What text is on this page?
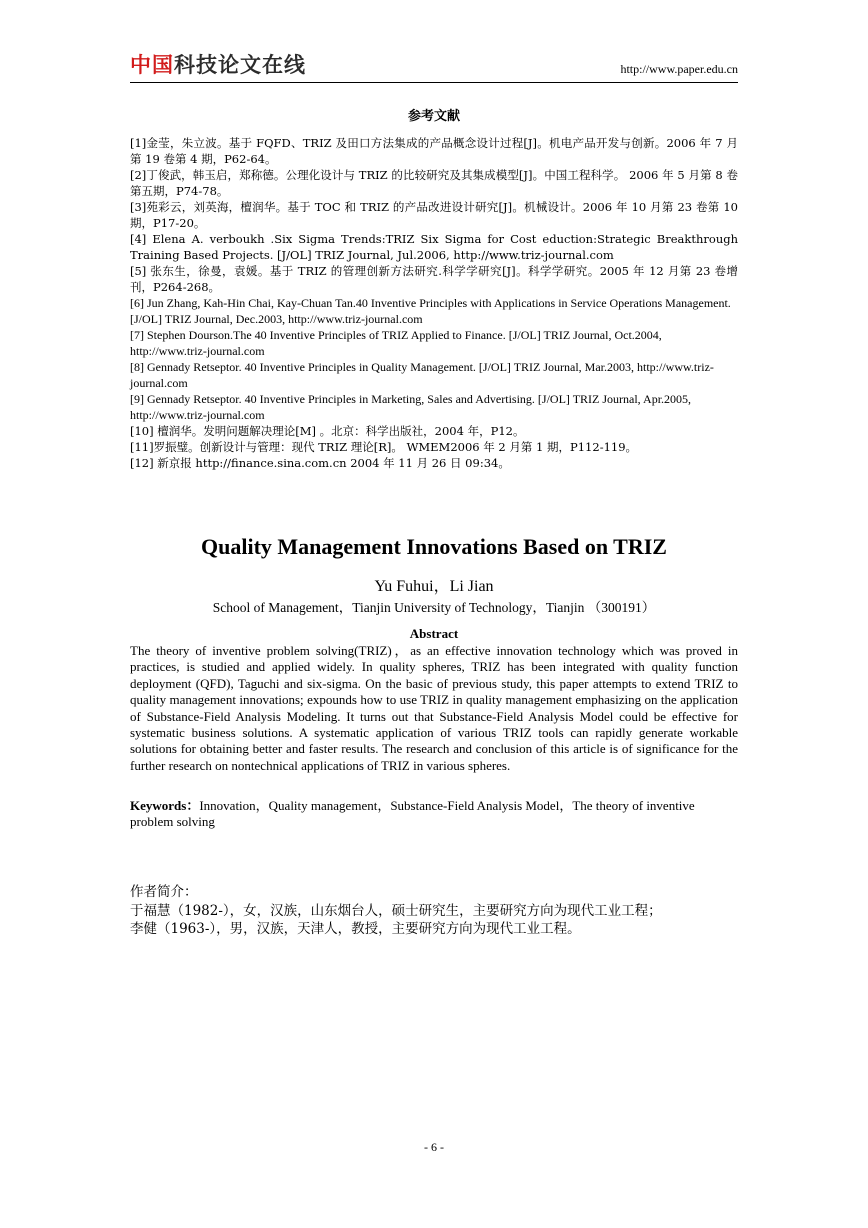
中国科技论文在线	http://www.paper.edu.cn
参考文献

[1]金莹，朱立波。基于 FQFD、TRIZ 及田口方法集成的产品概念设计过程[J]。机电产品开发与创新。2006 年 7 月第 19 卷第 4 期，P62-64。

[2]丁俊武，韩玉启，郑称德。公理化设计与 TRIZ 的比较研究及其集成模型[J]。中国工程科学。 2006 年 5 月第 8 卷第五期，P74-78。

[3]苑彩云，刘英海，檀润华。基于 TOC 和 TRIZ 的产品改进设计研究[J]。机械设计。2006 年 10 月第 23 卷第 10 期，P17-20。

[4] Elena A. verboukh .Six Sigma Trends:TRIZ Six Sigma for Cost eduction:Strategic Breakthrough Training Based Projects. [J/OL] TRIZ Journal, Jul.2006, http://www.triz-journal.com

[5] 张东生，徐曼，袁媛。基于 TRIZ 的管理创新方法研究.科学学研究[J]。科学学研究。2005 年 12 月第 23 卷增刊，P264-268。

[6] Jun Zhang, Kah-Hin Chai, Kay-Chuan Tan.40 Inventive Principles with Applications in Service Operations Management. [J/OL] TRIZ Journal, Dec.2003, http://www.triz-journal.com

[7] Stephen Dourson.The 40 Inventive Principles of TRIZ Applied to Finance. [J/OL] TRIZ Journal, Oct.2004, http://www.triz-journal.com

[8] Gennady Retseptor. 40 Inventive Principles in Quality Management. [J/OL] TRIZ Journal, Mar.2003, http://www.triz-journal.com

[9] Gennady Retseptor. 40 Inventive Principles in Marketing, Sales and Advertising. [J/OL] TRIZ Journal, Apr.2005, http://www.triz-journal.com

[10] 檀润华。发明问题解决理论[M] 。北京：科学出版社，2004 年，P12。

[11]罗振璧。创新设计与管理：现代 TRIZ 理论[R]。 WMEM2006 年 2 月第 1 期，P112-119。

[12] 新京报 http://finance.sina.com.cn 2004 年 11 月 26 日 09:34。

Quality Management Innovations Based on TRIZ
Yu Fuhui，Li Jian
School of Management，Tianjin University of Technology，Tianjin （300191）
Abstract

The theory of inventive problem solving(TRIZ)，as an effective innovation technology which was proved in practices, is studied and applied widely. In quality spheres, TRIZ has been integrated with quality function deployment (QFD), Taguchi and six-sigma. On the basic of previous study, this paper attempts to extend TRIZ to quality management innovations; expounds how to use TRIZ in quality management emphasizing on the application of Substance-Field Analysis Modeling. It turns out that Substance-Field Analysis Model could be effective for systematic business solutions. A systematic application of various TRIZ tools can rapidly generate workable solutions for obtaining better and faster results. The research and conclusion of this article is of significance for the further research on nontechnical applications of TRIZ in various spheres.

Keywords：Innovation，Quality management，Substance-Field Analysis Model，The theory of inventive problem solving

作者简介：
于福慧（1982-），女，汉族，山东烟台人，硕士研究生，主要研究方向为现代工业工程；
李健（1963-），男，汉族，天津人，教授，主要研究方向为现代工业工程。
- 6 -
